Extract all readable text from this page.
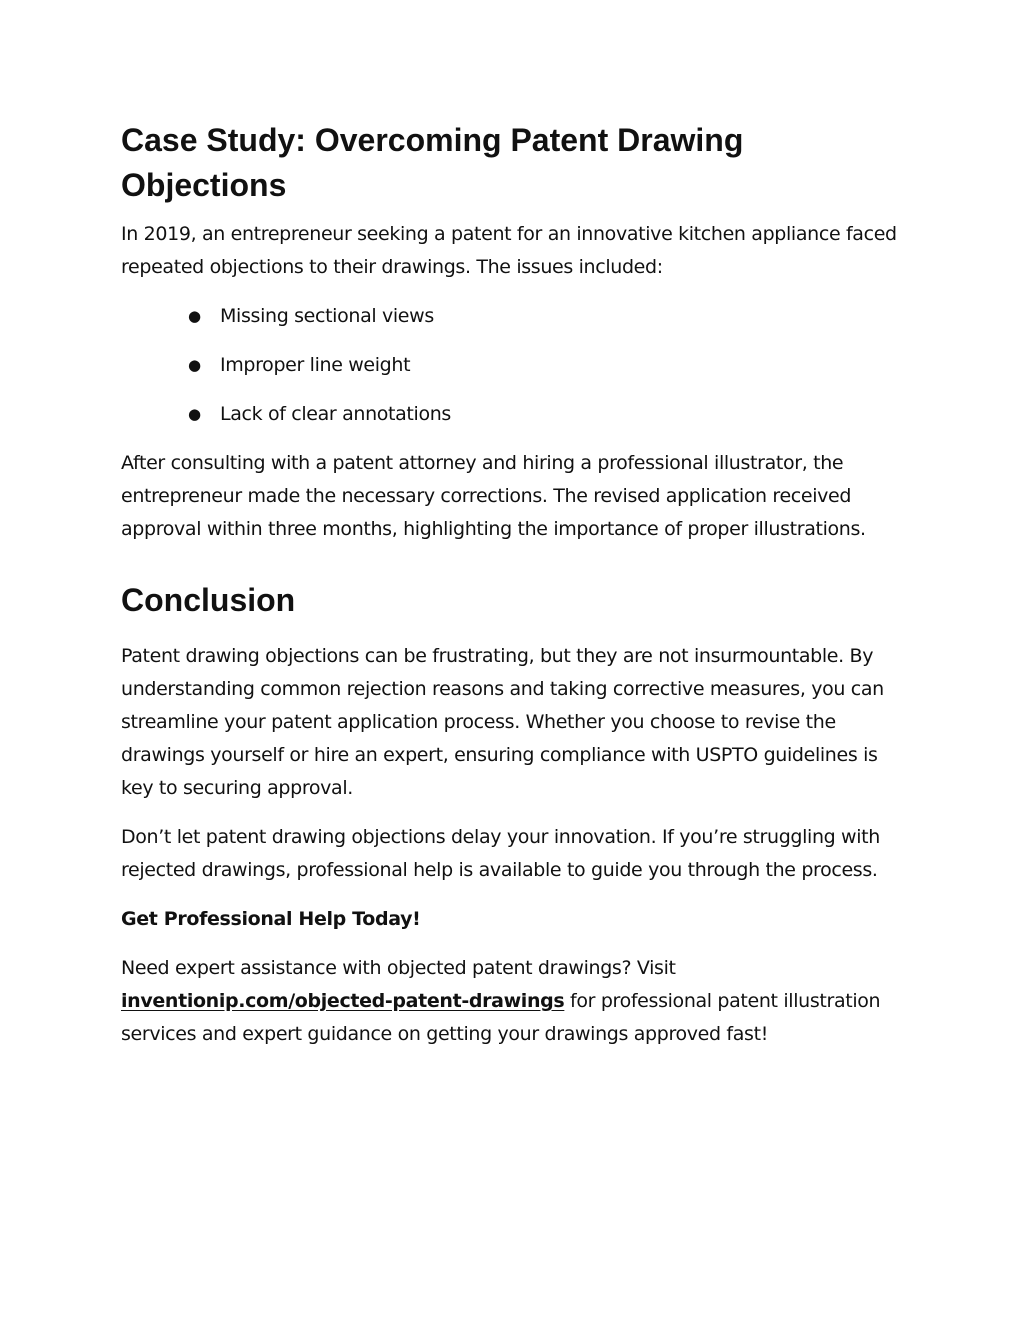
Case Study: Overcoming Patent Drawing Objections

In 2019, an entrepreneur seeking a patent for an innovative kitchen appliance faced repeated objections to their drawings. The issues included:

●	Missing sectional views
●	Improper line weight
●	Lack of clear annotations

After consulting with a patent attorney and hiring a professional illustrator, the entrepreneur made the necessary corrections. The revised application received approval within three months, highlighting the importance of proper illustrations.

Conclusion

Patent drawing objections can be frustrating, but they are not insurmountable. By understanding common rejection reasons and taking corrective measures, you can streamline your patent application process. Whether you choose to revise the drawings yourself or hire an expert, ensuring compliance with USPTO guidelines is key to securing approval.

Don’t let patent drawing objections delay your innovation. If you’re struggling with rejected drawings, professional help is available to guide you through the process.

Get Professional Help Today!

Need expert assistance with objected patent drawings? Visit inventionip.com/objected-patent-drawings for professional patent illustration services and expert guidance on getting your drawings approved fast!
